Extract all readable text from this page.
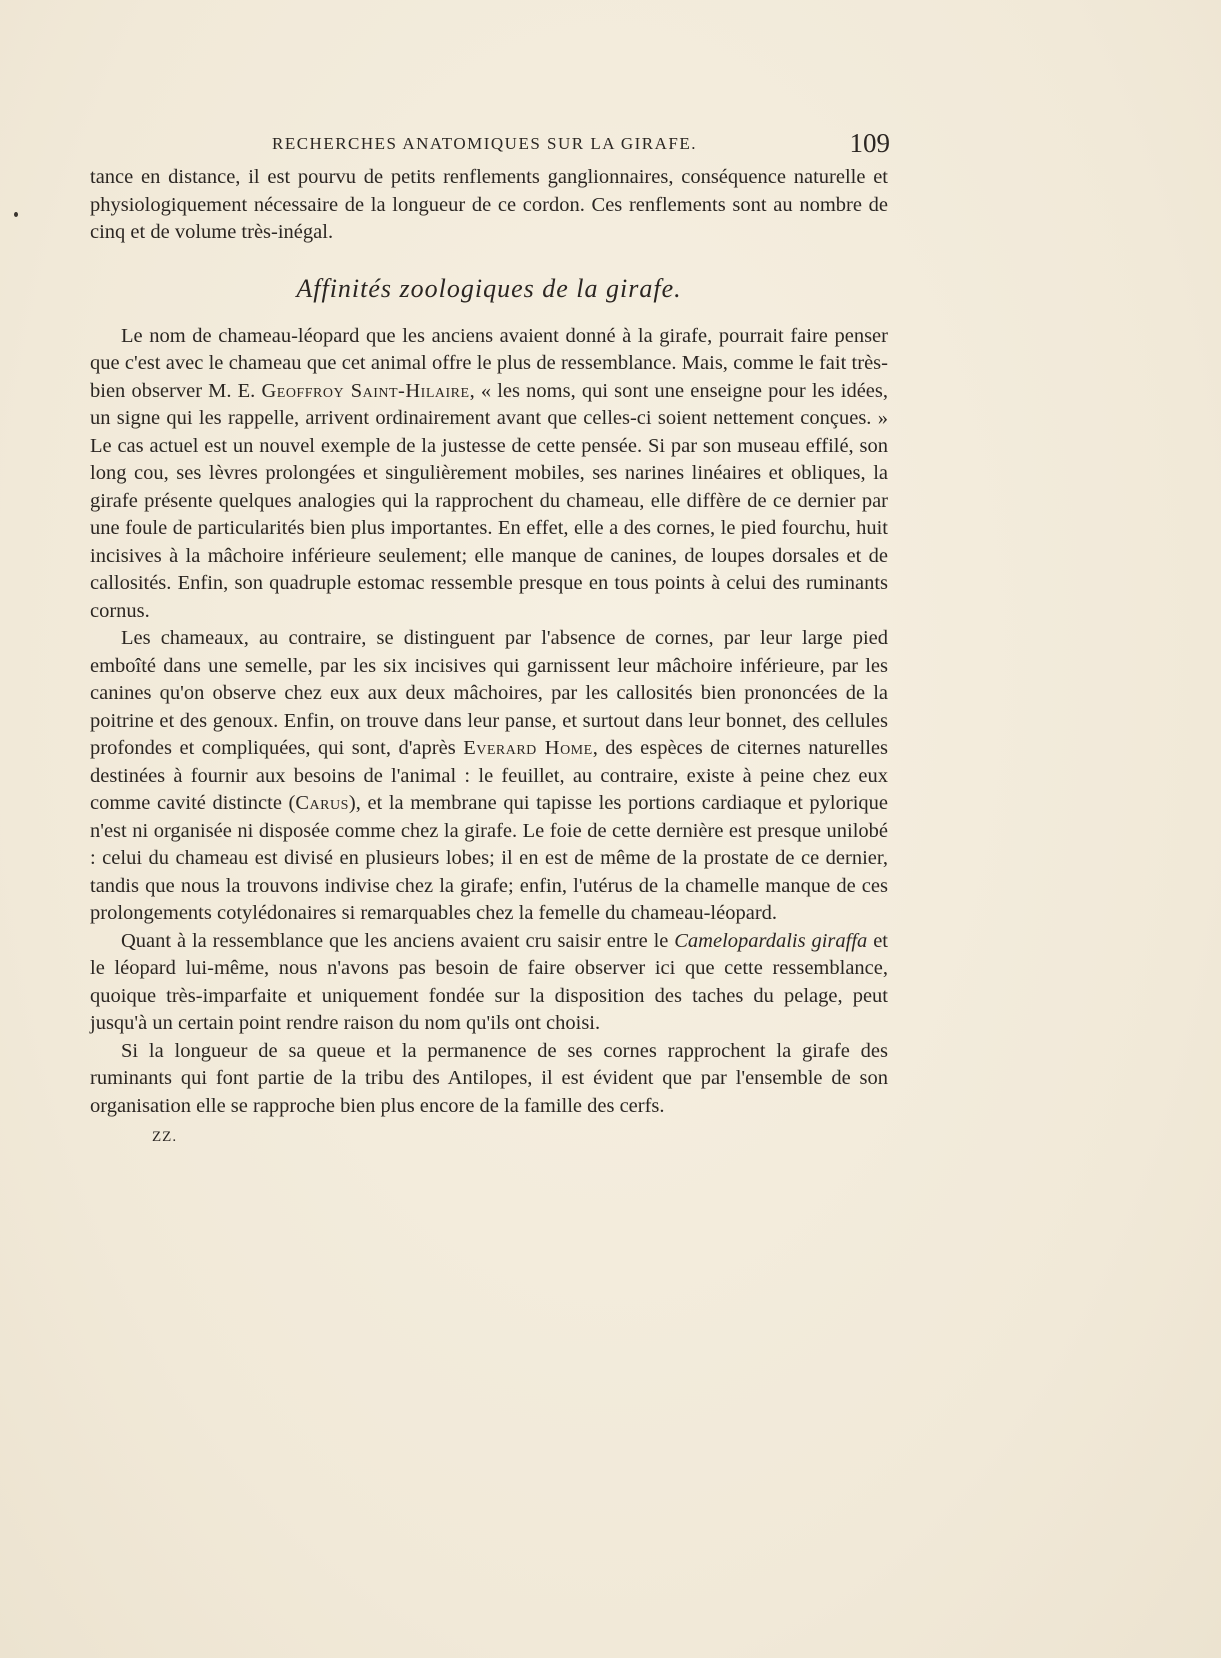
RECHERCHES ANATOMIQUES SUR LA GIRAFE.	109

tance en distance, il est pourvu de petits renflements ganglionnaires, conséquence naturelle et physiologiquement nécessaire de la longueur de ce cordon. Ces renflements sont au nombre de cinq et de volume très-inégal.

Affinités zoologiques de la girafe.

Le nom de chameau-léopard que les anciens avaient donné à la girafe, pourrait faire penser que c'est avec le chameau que cet animal offre le plus de ressemblance. Mais, comme le fait très-bien observer M. E. Geoffroy Saint-Hilaire, « les noms, qui sont une enseigne pour les idées, un signe qui les rappelle, arrivent ordinairement avant que celles-ci soient nettement conçues. » Le cas actuel est un nouvel exemple de la justesse de cette pensée. Si par son museau effilé, son long cou, ses lèvres prolongées et singulièrement mobiles, ses narines linéaires et obliques, la girafe présente quelques analogies qui la rapprochent du chameau, elle diffère de ce dernier par une foule de particularités bien plus importantes. En effet, elle a des cornes, le pied fourchu, huit incisives à la mâchoire inférieure seulement; elle manque de canines, de loupes dorsales et de callosités. Enfin, son quadruple estomac ressemble presque en tous points à celui des ruminants cornus.

Les chameaux, au contraire, se distinguent par l'absence de cornes, par leur large pied emboîté dans une semelle, par les six incisives qui garnissent leur mâchoire inférieure, par les canines qu'on observe chez eux aux deux mâchoires, par les callosités bien prononcées de la poitrine et des genoux. Enfin, on trouve dans leur panse, et surtout dans leur bonnet, des cellules profondes et compliquées, qui sont, d'après Everard Home, des espèces de citernes naturelles destinées à fournir aux besoins de l'animal : le feuillet, au contraire, existe à peine chez eux comme cavité distincte (Carus), et la membrane qui tapisse les portions cardiaque et pylorique n'est ni organisée ni disposée comme chez la girafe. Le foie de cette dernière est presque unilobé : celui du chameau est divisé en plusieurs lobes; il en est de même de la prostate de ce dernier, tandis que nous la trouvons indivise chez la girafe; enfin, l'utérus de la chamelle manque de ces prolongements cotylédonaires si remarquables chez la femelle du chameau-léopard.

Quant à la ressemblance que les anciens avaient cru saisir entre le Camelopardalis giraffa et le léopard lui-même, nous n'avons pas besoin de faire observer ici que cette ressemblance, quoique très-imparfaite et uniquement fondée sur la disposition des taches du pelage, peut jusqu'à un certain point rendre raison du nom qu'ils ont choisi.

Si la longueur de sa queue et la permanence de ses cornes rapprochent la girafe des ruminants qui font partie de la tribu des Antilopes, il est évident que par l'ensemble de son organisation elle se rapproche bien plus encore de la famille des cerfs.

ZZ.
